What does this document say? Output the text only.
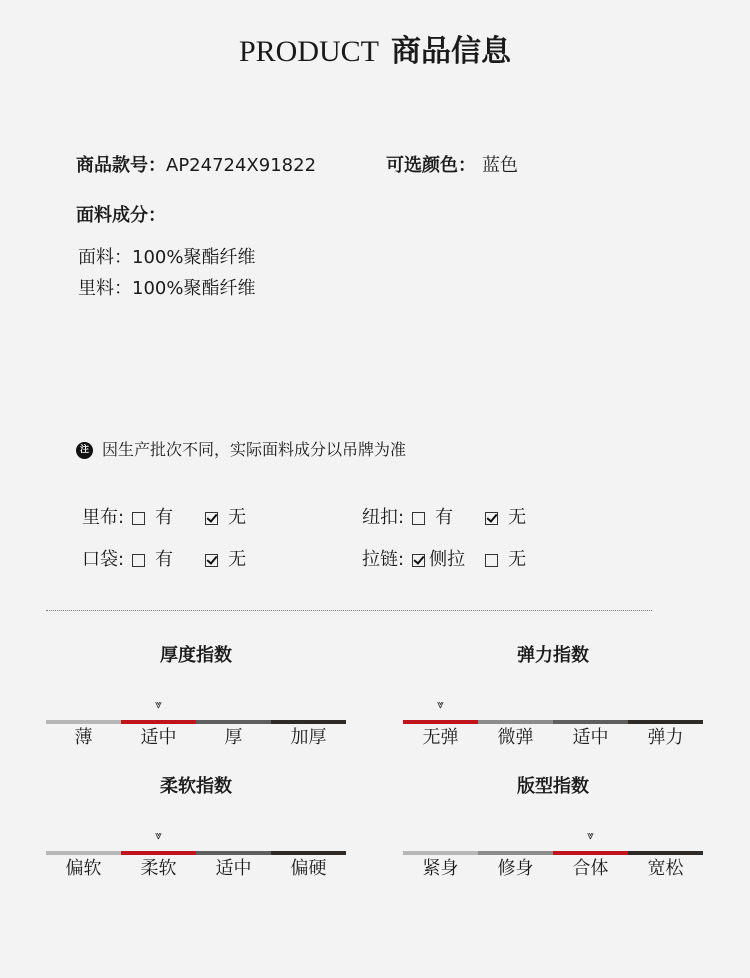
PRODUCT 商品信息
商品款号：AP24724X91822	可选颜色： 蓝色
面料成分：
面料：100%聚酯纤维
里料：100%聚酯纤维
注 因生产批次不同，实际面料成分以吊牌为准
里布: 有	无	纽扣: 有	无
口袋: 有	无	拉链: 侧拉 无
厚度指数
⩔
薄	适中	厚	加厚
弹力指数
⩔
无弹	微弹	适中	弹力
柔软指数
⩔
偏软	柔软	适中	偏硬
版型指数
⩔
紧身	修身	合体	宽松
